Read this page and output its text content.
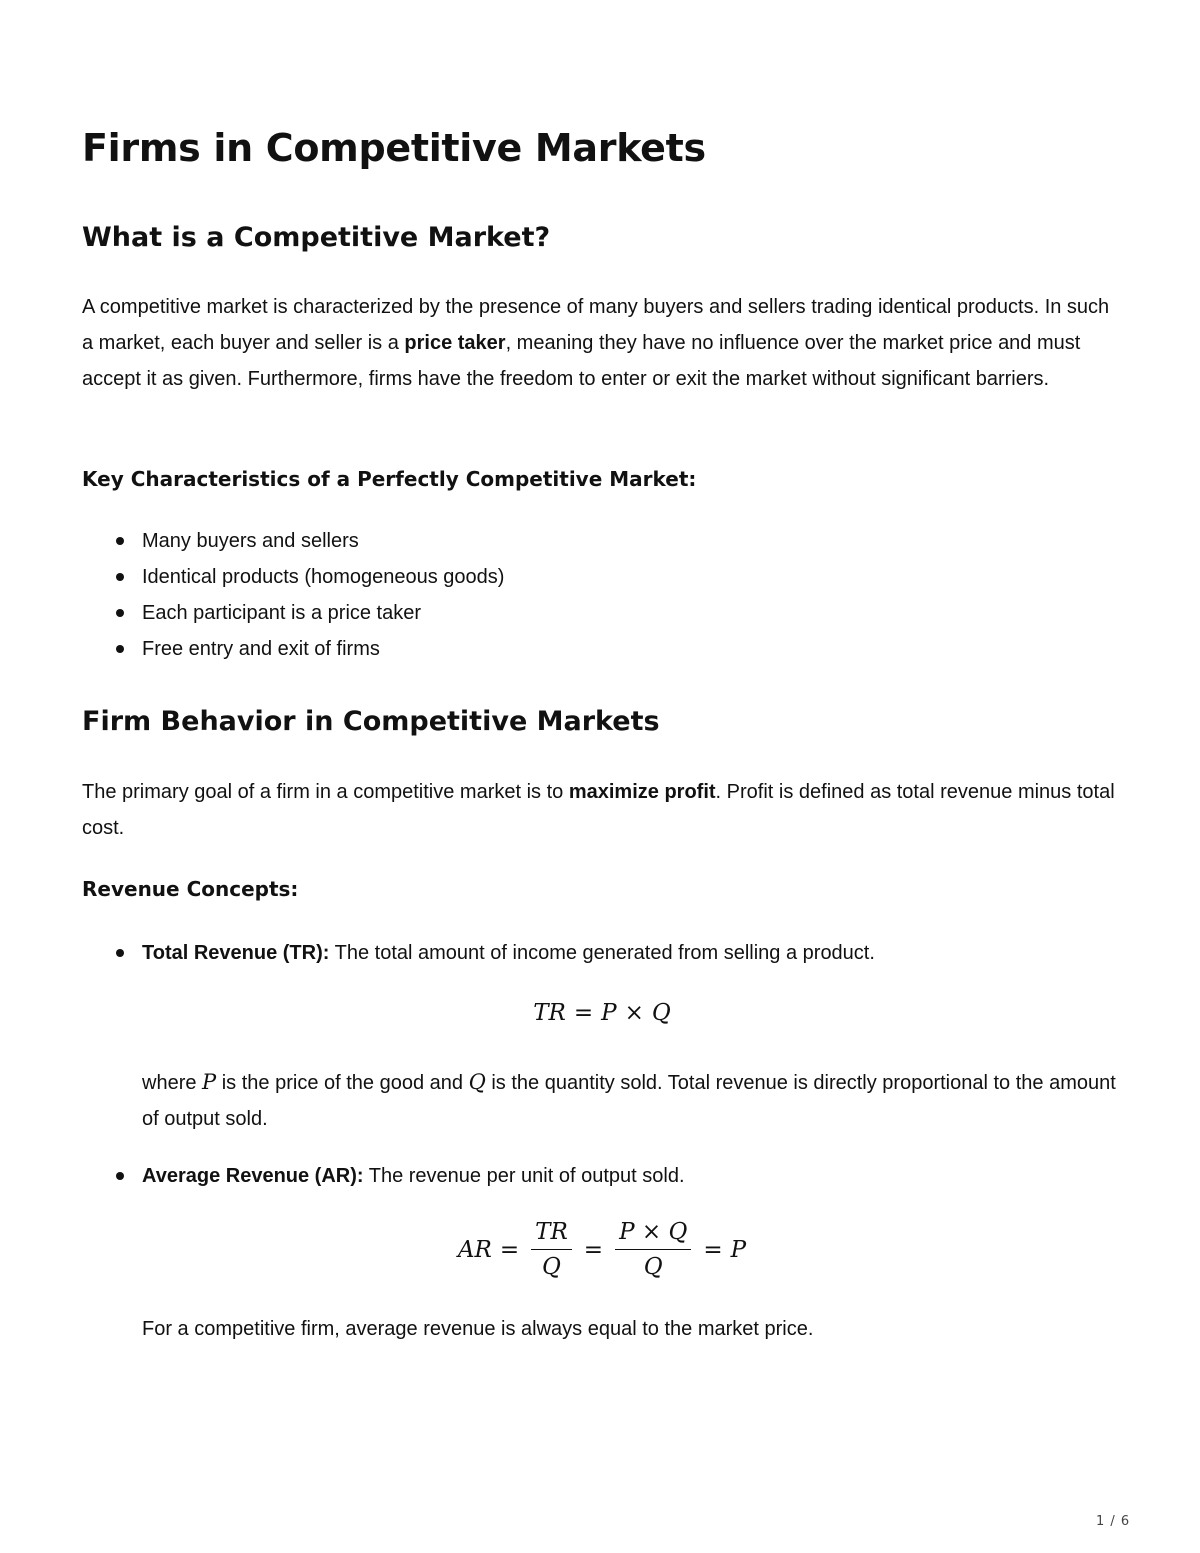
Firms in Competitive Markets
What is a Competitive Market?

A competitive market is characterized by the presence of many buyers and sellers trading identical products. In such a market, each buyer and seller is a price taker, meaning they have no influence over the market price and must accept it as given. Furthermore, firms have the freedom to enter or exit the market without significant barriers.

Key Characteristics of a Perfectly Competitive Market:
Many buyers and sellers
Identical products (homogeneous goods)
Each participant is a price taker
Free entry and exit of firms
Firm Behavior in Competitive Markets

The primary goal of a firm in a competitive market is to maximize profit. Profit is defined as total revenue minus total cost.

Revenue Concepts:
Total Revenue (TR): The total amount of income generated from selling a product.
TR = P × Q

where P is the price of the good and Q is the quantity sold. Total revenue is directly proportional to the amount of output sold.

Average Revenue (AR): The revenue per unit of output sold.
AR = $\frac{TR}{Q} = \frac{P \times Q}{Q} = P$

For a competitive firm, average revenue is always equal to the market price.

1 / 6
